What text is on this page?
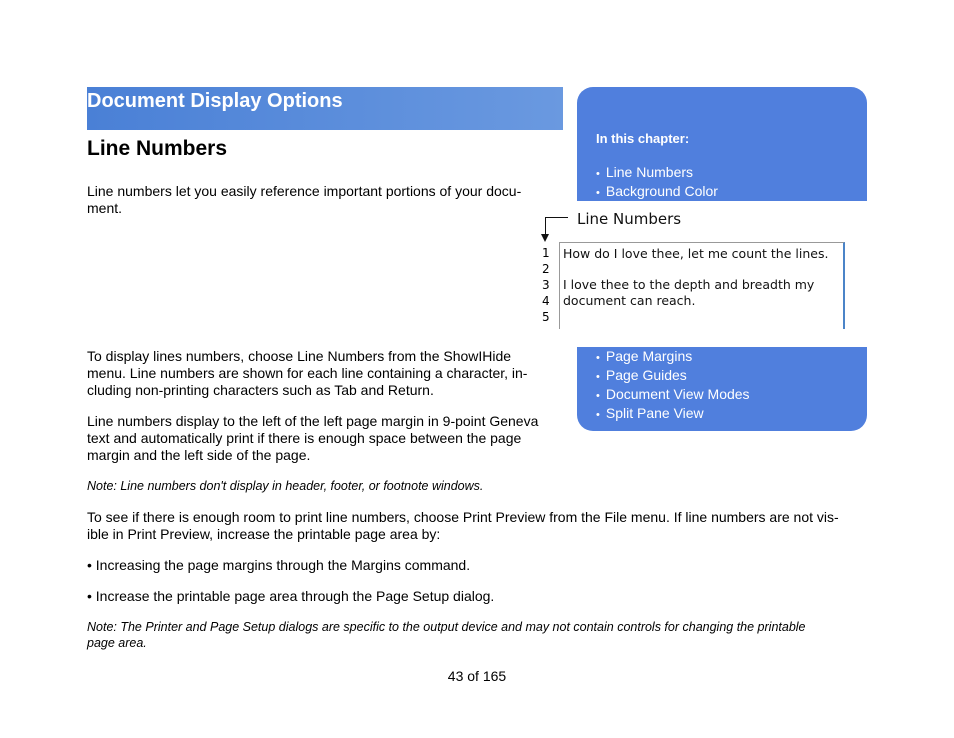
Document Display Options
Line Numbers

Line numbers let you easily reference important portions of your docu-
ment.

To display lines numbers, choose Line Numbers from the ShowIHide
menu. Line numbers are shown for each line containing a character, in-
cluding non-printing characters such as Tab and Return.

Line numbers display to the left of the left page margin in 9-point Geneva
text and automatically print if there is enough space between the page
margin and the left side of the page.

Note: Line numbers don't display in header, footer, or footnote windows.

To see if there is enough room to print line numbers, choose Print Preview from the File menu. If line numbers are not vis-
ible in Print Preview, increase the printable page area by:

• Increasing the page margins through the Margins command.

• Increase the printable page area through the Page Setup dialog.

Note: The Printer and Page Setup dialogs are specific to the output device and may not contain controls for changing the printable
page area.

In this chapter:

• Line Numbers
• Background Color
• Page Margins
• Page Guides
• Document View Modes
• Split Pane View
Line Numbers
1
2
3
4
5
How do I love thee, let me count the lines.
I love thee to the depth and breadth my
document can reach.
43 of 165
